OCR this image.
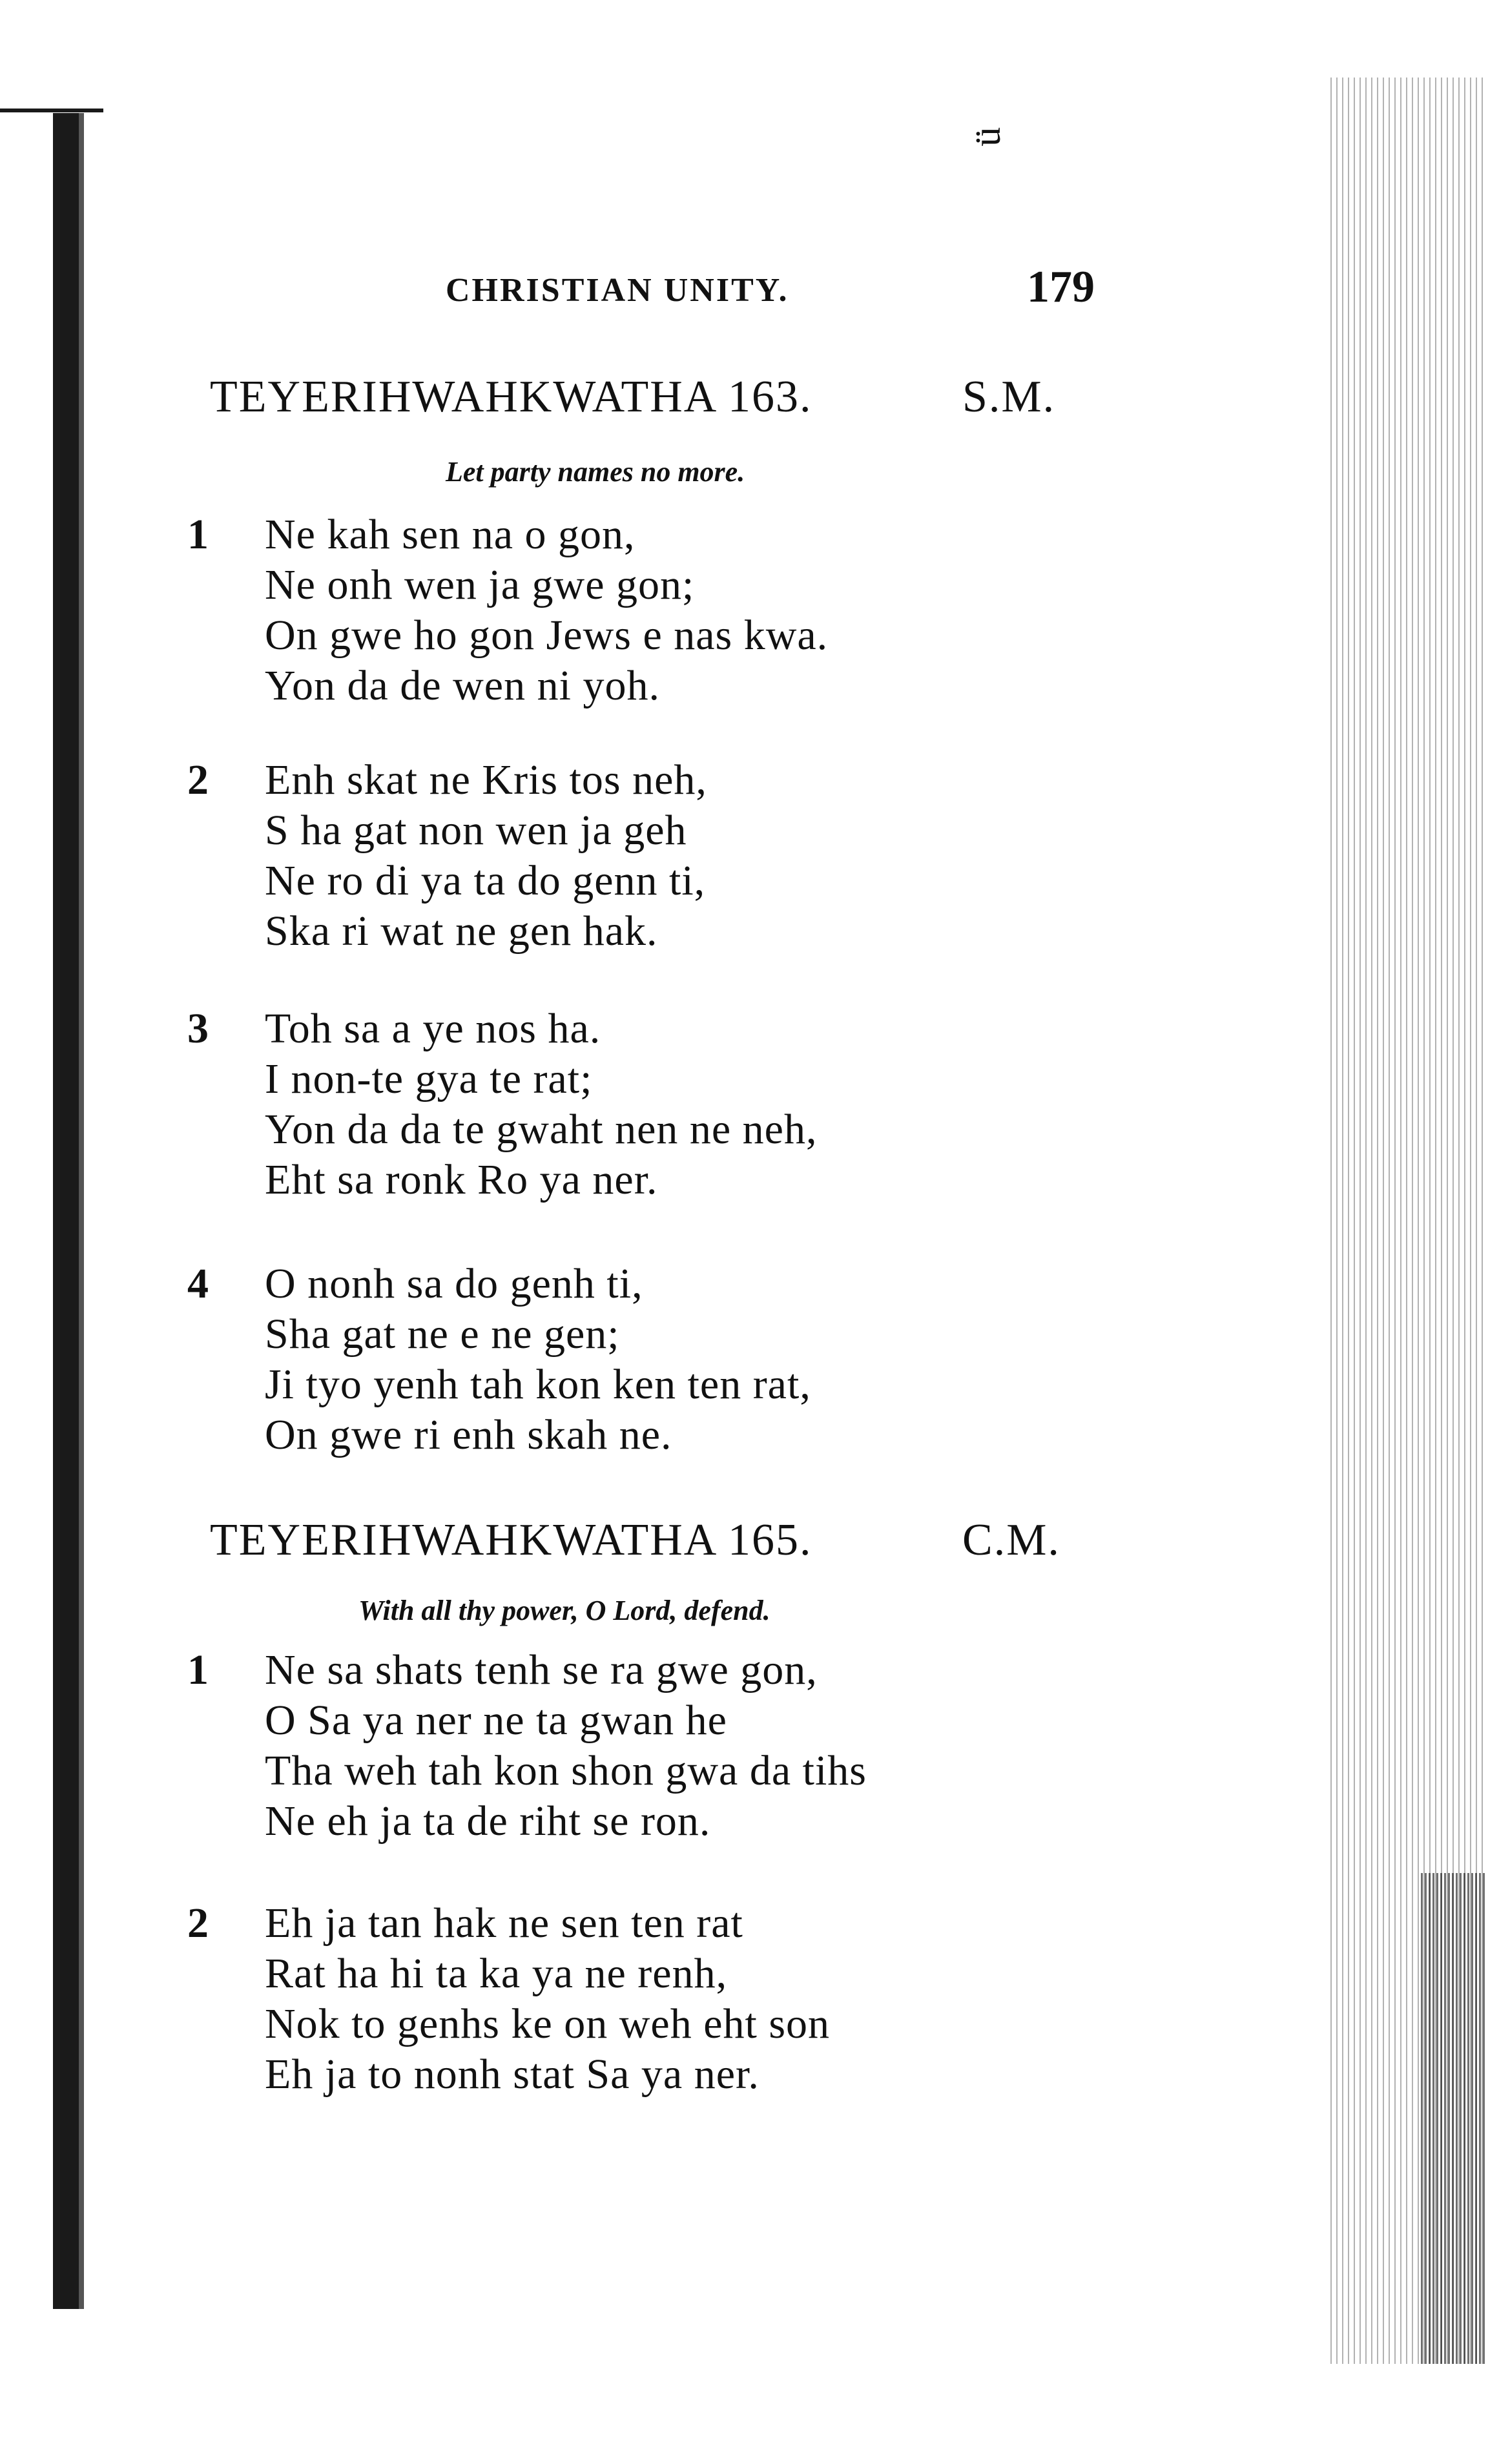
ᴞ
CHRISTIAN UNITY.	179
TEYERIHWAHKWATHA 163.	S.M.
Let party names no more.
1 Ne kah sen na o gon,
Ne onh wen ja gwe gon;
On gwe ho gon Jews e nas kwa.
Yon da de wen ni yoh.
2 Enh skat ne Kris tos neh,
S ha gat non wen ja geh
Ne ro di ya ta do genn ti,
Ska ri wat ne gen hak.
3 Toh sa a ye nos ha.
I non-te gya te rat;
Yon da da te gwaht nen ne neh,
Eht sa ronk Ro ya ner.
4 O nonh sa do genh ti,
Sha gat ne e ne gen;
Ji tyo yenh tah kon ken ten rat,
On gwe ri enh skah ne.
TEYERIHWAHKWATHA 165.	C.M.
With all thy power, O Lord, defend.
1 Ne sa shats tenh se ra gwe gon,
O Sa ya ner ne ta gwan he
Tha weh tah kon shon gwa da tihs
Ne eh ja ta de riht se ron.
2 Eh ja tan hak ne sen ten rat
Rat ha hi ta ka ya ne renh,
Nok to genhs ke on weh eht son
Eh ja to nonh stat Sa ya ner.
